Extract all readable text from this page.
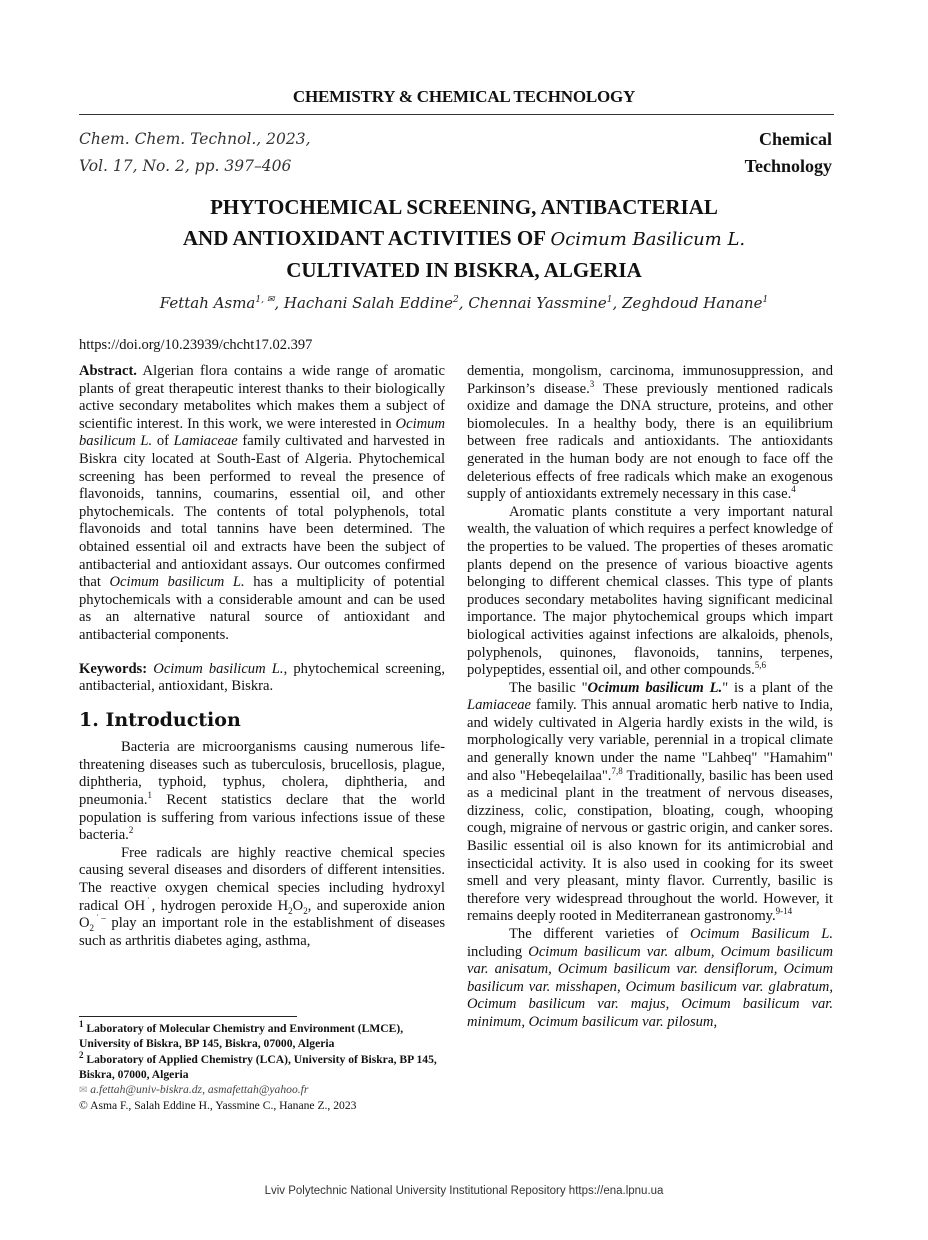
CHEMISTRY & CHEMICAL TECHNOLOGY
Chem. Chem. Technol., 2023,
Vol. 17, No. 2, pp. 397–406
Chemical
Technology
PHYTOCHEMICAL SCREENING, ANTIBACTERIAL
AND ANTIOXIDANT ACTIVITIES OF Ocimum Basilicum L.
CULTIVATED IN BISKRA, ALGERIA
Fettah Asma$^{1, ✉}$, Hachani Salah Eddine$^2$, Chennai Yassmine$^1$, Zeghdoud Hanane$^1$
https://doi.org/10.23939/chcht17.02.397

Abstract. Algerian flora contains a wide range of aromatic plants of great therapeutic interest thanks to their biologically active secondary metabolites which makes them a subject of scientific interest. In this work, we were interested in Ocimum basilicum L. of Lamiaceae family cultivated and harvested in Biskra city located at South-East of Algeria. Phytochemical screening has been performed to reveal the presence of flavonoids, tannins, coumarins, essential oil, and other phytochemicals. The contents of total polyphenols, total flavonoids and total tannins have been determined. The obtained essential oil and extracts have been the subject of antibacterial and antioxidant assays. Our outcomes confirmed that Ocimum basilicum L. has a multiplicity of potential phytochemicals with a considerable amount and can be used as an alternative natural source of antioxidant and antibacterial components.

Keywords: Ocimum basilicum L., phytochemical screening, antibacterial, antioxidant, Biskra.

1. Introduction

Bacteria are microorganisms causing numerous life-threatening diseases such as tuberculosis, brucellosis, plague, diphtheria, typhoid, typhus, cholera, diphtheria, and pneumonia.$^1$ Recent statistics declare that the world population is suffering from various infections issue of these bacteria.$^2$

Free radicals are highly reactive chemical species causing several diseases and disorders of different intensities. The reactive oxygen chemical species including hydroxyl radical OH˙, hydrogen peroxide $H_2O_2$, and superoxide anion $O_2^{˙-}$ play an important role in the establishment of diseases such as arthritis diabetes aging, asthma,

dementia, mongolism, carcinoma, immunosuppression, and Parkinson’s disease.$^3$ These previously mentioned radicals oxidize and damage the DNA structure, proteins, and other biomolecules. In a healthy body, there is an equilibrium between free radicals and antioxidants. The antioxidants generated in the human body are not enough to face off the deleterious effects of free radicals which make an exogenous supply of antioxidants extremely necessary in this case.$^4$

Aromatic plants constitute a very important natural wealth, the valuation of which requires a perfect knowledge of the properties to be valued. The properties of theses aromatic plants depend on the presence of various bioactive agents belonging to different chemical classes. This type of plants produces secondary metabolites having significant medicinal importance. The major phytochemical groups which impart biological activities against infections are alkaloids, phenols, polyphenols, quinones, flavonoids, tannins, terpenes, polypeptides, essential oil, and other compounds.$^{5,6}$

The basilic "Ocimum basilicum L." is a plant of the Lamiaceae family. This annual aromatic herb native to India, and widely cultivated in Algeria hardly exists in the wild, is morphologically very variable, perennial in a tropical climate and generally known under the name "Lahbeq" "Hamahim" and also "Hebeqelailaa".$^{7,8}$ Traditionally, basilic has been used as a medicinal plant in the treatment of nervous diseases, dizziness, colic, constipation, bloating, cough, whooping cough, migraine of nervous or gastric origin, and canker sores. Basilic essential oil is also known for its antimicrobial and insecticidal activity. It is also used in cooking for its sweet smell and very pleasant, minty flavor. Currently, basilic is therefore very widespread throughout the world. However, it remains deeply rooted in Mediterranean gastronomy.$^{9-14}$

The different varieties of Ocimum Basilicum L. including Ocimum basilicum var. album, Ocimum basilicum var. anisatum, Ocimum basilicum var. densiflorum, Ocimum basilicum var. misshapen, Ocimum basilicum var. glabratum, Ocimum basilicum var. majus, Ocimum basilicum var. minimum, Ocimum basilicum var. pilosum,

$^1$ Laboratory of Molecular Chemistry and Environment (LMCE), University of Biskra, BP 145, Biskra, 07000, Algeria

$^2$ Laboratory of Applied Chemistry (LCA), University of Biskra, BP 145, Biskra, 07000, Algeria

✉ a.fettah@univ-biskra.dz, asmafettah@yahoo.fr

© Asma F., Salah Eddine H., Yassmine C., Hanane Z., 2023

Lviv Polytechnic National University Institutional Repository https://ena.lpnu.ua
